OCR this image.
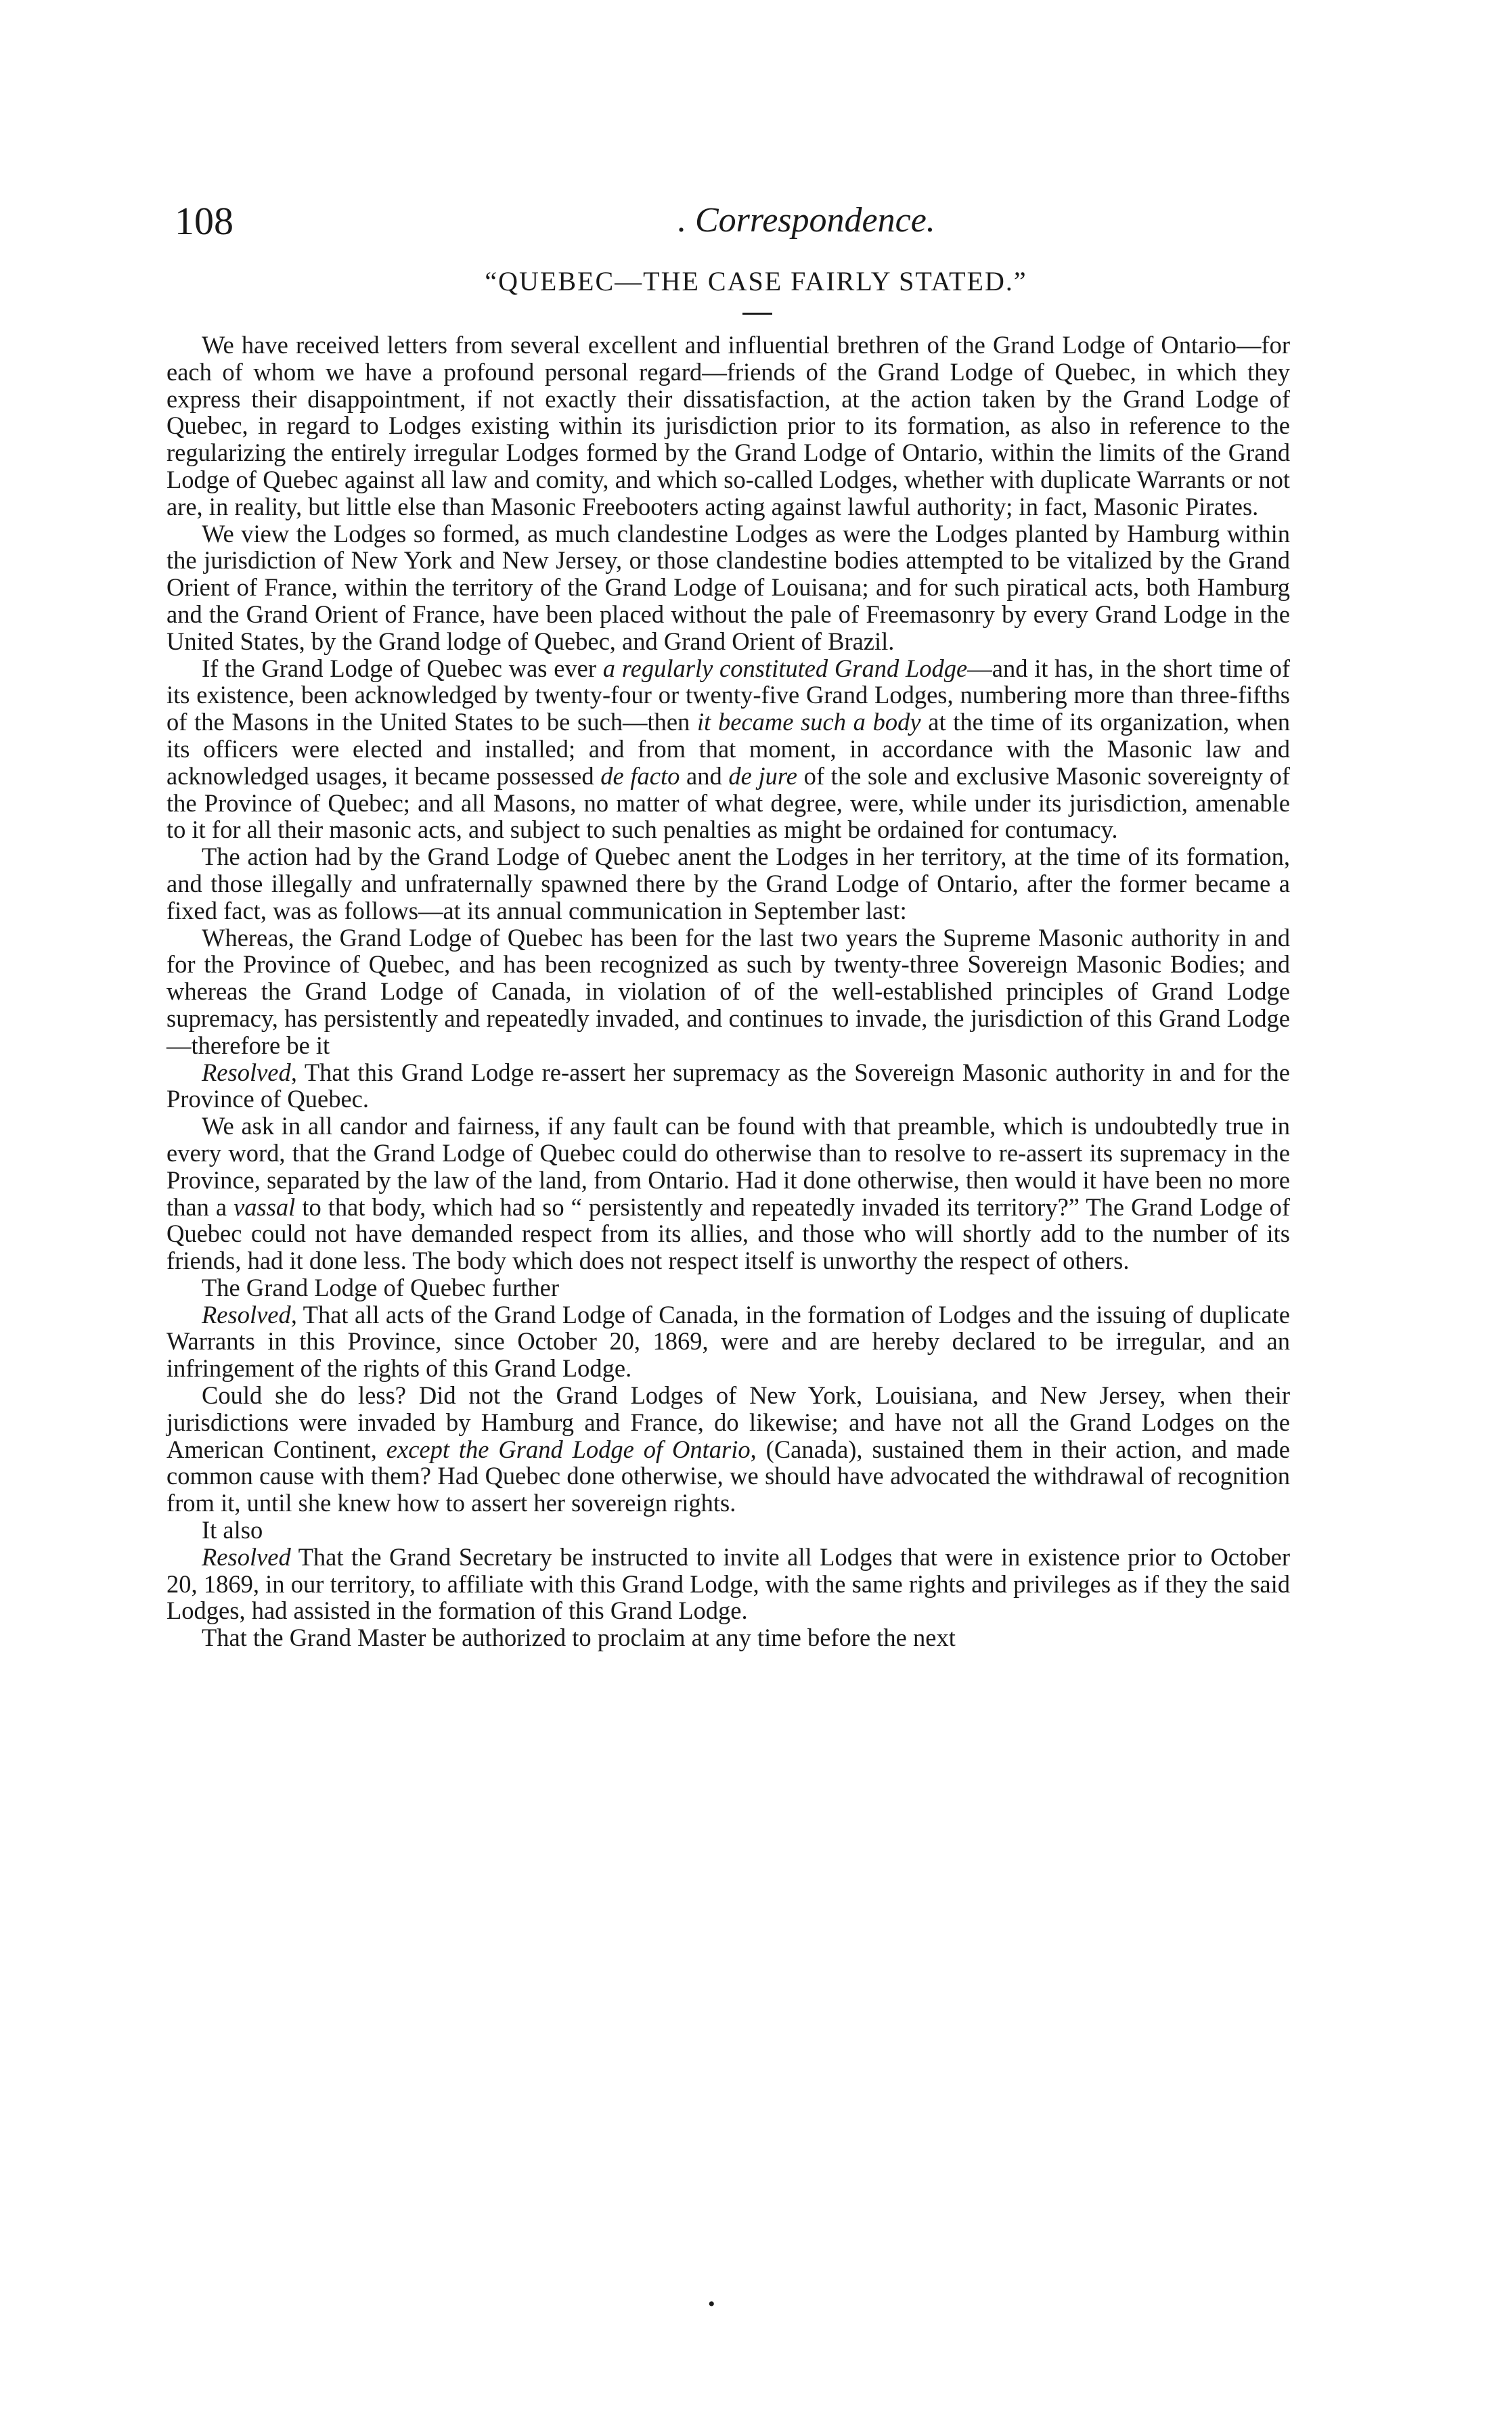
108	. Correspondence.
“QUEBEC—THE CASE FAIRLY STATED.”

We have received letters from several excellent and influential brethren of the Grand Lodge of Ontario—for each of whom we have a profound personal regard—friends of the Grand Lodge of Quebec, in which they express their disappointment, if not exactly their dissatisfaction, at the action taken by the Grand Lodge of Quebec, in regard to Lodges existing within its jurisdiction prior to its formation, as also in reference to the regularizing the entirely irregular Lodges formed by the Grand Lodge of Ontario, within the limits of the Grand Lodge of Quebec against all law and comity, and which so-called Lodges, whether with duplicate Warrants or not are, in reality, but little else than Masonic Freebooters acting against lawful authority; in fact, Masonic Pirates.

We view the Lodges so formed, as much clandestine Lodges as were the Lodges planted by Hamburg within the jurisdiction of New York and New Jersey, or those clandestine bodies attempted to be vitalized by the Grand Orient of France, within the territory of the Grand Lodge of Louisana; and for such piratical acts, both Hamburg and the Grand Orient of France, have been placed without the pale of Freemasonry by every Grand Lodge in the United States, by the Grand lodge of Quebec, and Grand Orient of Brazil.

If the Grand Lodge of Quebec was ever a regularly constituted Grand Lodge—and it has, in the short time of its existence, been acknowledged by twenty-four or twenty-five Grand Lodges, numbering more than three-fifths of the Masons in the United States to be such—then it became such a body at the time of its organization, when its officers were elected and installed; and from that moment, in accordance with the Masonic law and acknowledged usages, it became possessed de facto and de jure of the sole and exclusive Masonic sovereignty of the Province of Quebec; and all Masons, no matter of what degree, were, while under its jurisdiction, amenable to it for all their masonic acts, and subject to such penalties as might be ordained for contumacy.

The action had by the Grand Lodge of Quebec anent the Lodges in her territory, at the time of its formation, and those illegally and unfraternally spawned there by the Grand Lodge of Ontario, after the former became a fixed fact, was as follows—at its annual communication in September last:

Whereas, the Grand Lodge of Quebec has been for the last two years the Supreme Masonic authority in and for the Province of Quebec, and has been recognized as such by twenty-three Sovereign Masonic Bodies; and whereas the Grand Lodge of Canada, in violation of of the well-established principles of Grand Lodge supremacy, has persistently and repeatedly invaded, and continues to invade, the jurisdiction of this Grand Lodge—therefore be it

Resolved, That this Grand Lodge re-assert her supremacy as the Sovereign Masonic authority in and for the Province of Quebec.

We ask in all candor and fairness, if any fault can be found with that preamble, which is undoubtedly true in every word, that the Grand Lodge of Quebec could do otherwise than to resolve to re-assert its supremacy in the Province, separated by the law of the land, from Ontario. Had it done otherwise, then would it have been no more than a vassal to that body, which had so “ persistently and repeatedly invaded its territory?” The Grand Lodge of Quebec could not have demanded respect from its allies, and those who will shortly add to the number of its friends, had it done less. The body which does not respect itself is unworthy the respect of others.

The Grand Lodge of Quebec further

Resolved, That all acts of the Grand Lodge of Canada, in the formation of Lodges and the issuing of duplicate Warrants in this Province, since October 20, 1869, were and are hereby declared to be irregular, and an infringement of the rights of this Grand Lodge.

Could she do less? Did not the Grand Lodges of New York, Louisiana, and New Jersey, when their jurisdictions were invaded by Hamburg and France, do likewise; and have not all the Grand Lodges on the American Continent, except the Grand Lodge of Ontario, (Canada), sustained them in their action, and made common cause with them? Had Quebec done otherwise, we should have advocated the withdrawal of recognition from it, until she knew how to assert her sovereign rights.

It also

Resolved That the Grand Secretary be instructed to invite all Lodges that were in existence prior to October 20, 1869, in our territory, to affiliate with this Grand Lodge, with the same rights and privileges as if they the said Lodges, had assisted in the formation of this Grand Lodge.

That the Grand Master be authorized to proclaim at any time before the next

•
